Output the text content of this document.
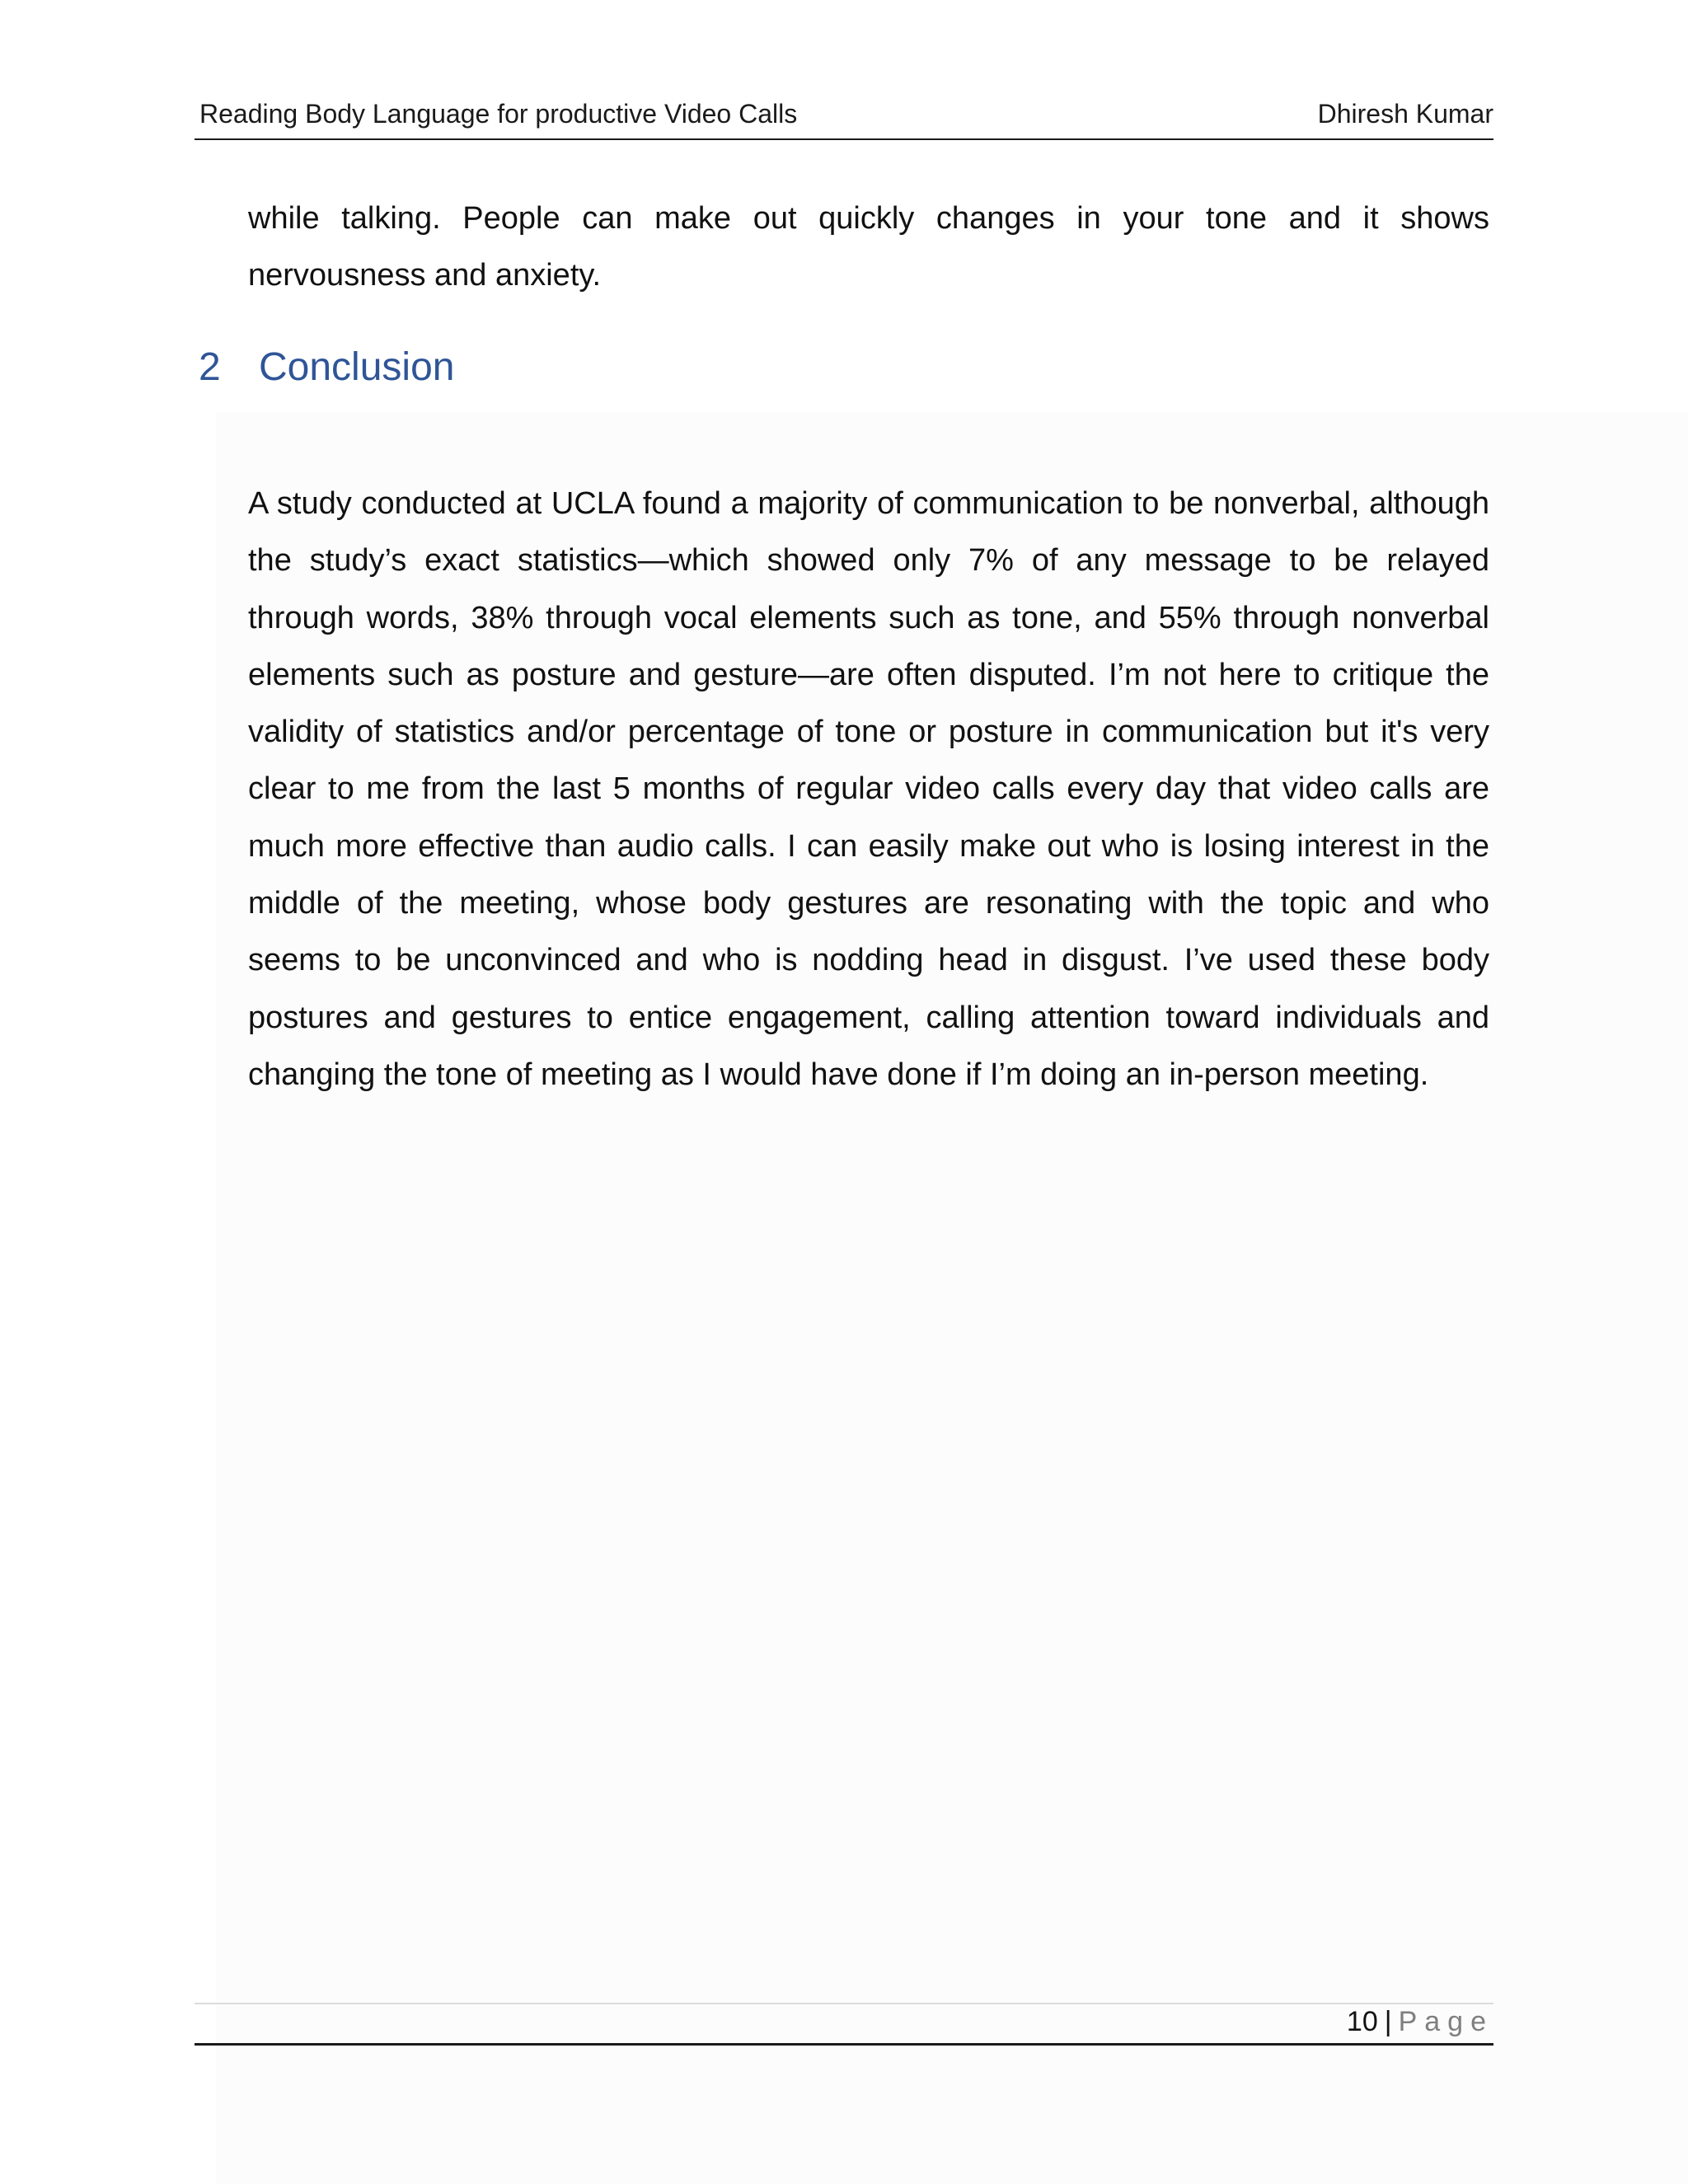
Reading Body Language for productive Video Calls	Dhiresh Kumar

while talking. People can make out quickly changes in your tone and it shows nervousness and anxiety.

2 Conclusion

A study conducted at UCLA found a majority of communication to be nonverbal, although the study’s exact statistics—which showed only 7% of any message to be relayed through words, 38% through vocal elements such as tone, and 55% through nonverbal elements such as posture and gesture—are often disputed. I’m not here to critique the validity of statistics and/or percentage of tone or posture in communication but it's very clear to me from the last 5 months of regular video calls every day that video calls are much more effective than audio calls. I can easily make out who is losing interest in the middle of the meeting, whose body gestures are resonating with the topic and who seems to be unconvinced and who is nodding head in disgust. I’ve used these body postures and gestures to entice engagement, calling attention toward individuals and changing the tone of meeting as I would have done if I’m doing an in-person meeting.

10 | Page
